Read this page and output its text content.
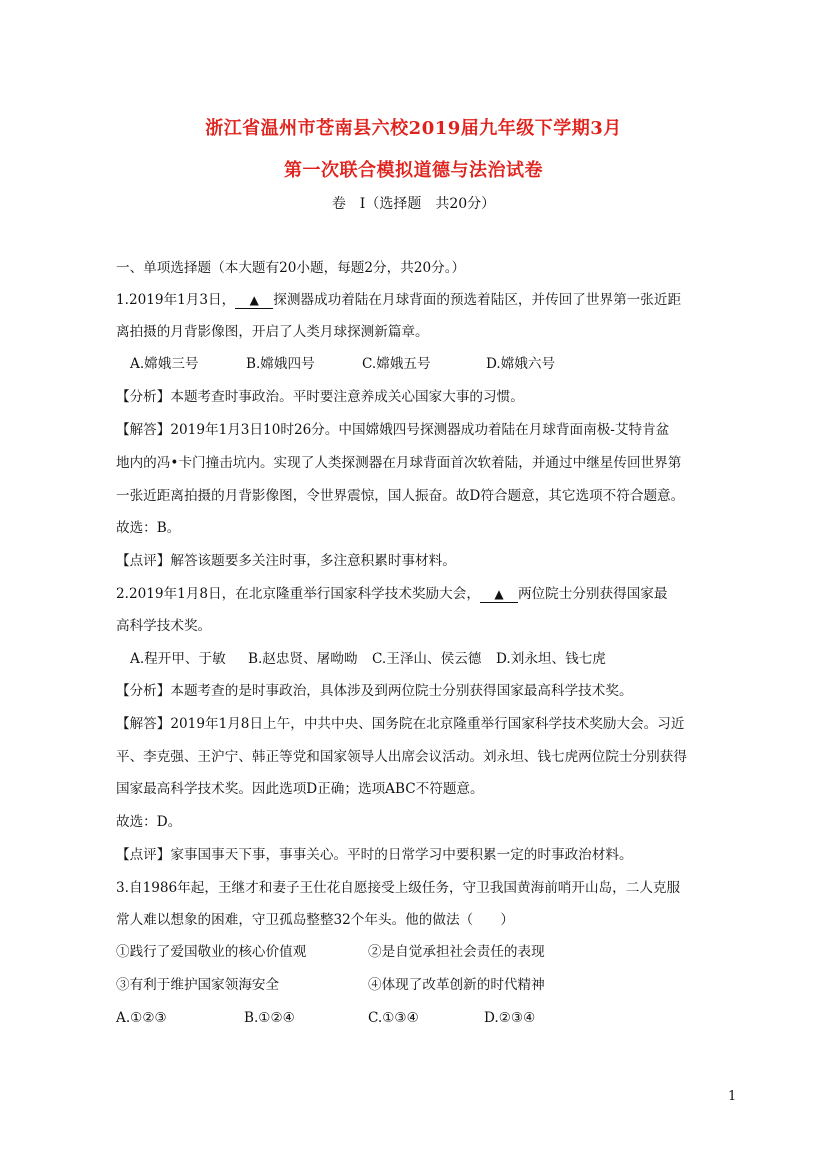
浙江省温州市苍南县六校2019届九年级下学期3月
第一次联合模拟道德与法治试卷
卷　Ⅰ（选择题　共20分）
一、单项选择题（本大题有20小题，每题2分，共20分。）
1.2019年1月3日， ▲ 探测器成功着陆在月球背面的预选着陆区，并传回了世界第一张近距
离拍摄的月背影像图，开启了人类月球探测新篇章。
A.嫦娥三号	B.嫦娥四号	C.嫦娥五号	D.嫦娥六号
【分析】本题考查时事政治。平时要注意养成关心国家大事的习惯。
【解答】2019年1月3日10时26分。中国嫦娥四号探测器成功着陆在月球背面南极-艾特肯盆
地内的冯•卡门撞击坑内。实现了人类探测器在月球背面首次软着陆，并通过中继星传回世界第
一张近距离拍摄的月背影像图，令世界震惊，国人振奋。故D符合题意，其它选项不符合题意。
故选：B。
【点评】解答该题要多关注时事，多注意积累时事材料。
2.2019年1月8日，在北京隆重举行国家科学技术奖励大会， ▲ 两位院士分别获得国家最
高科学技术奖。
A.程开甲、于敏 B.赵忠贤、屠呦呦 C.王泽山、侯云德 D.刘永坦、钱七虎
【分析】本题考查的是时事政治，具体涉及到两位院士分别获得国家最高科学技术奖。
【解答】2019年1月8日上午，中共中央、国务院在北京隆重举行国家科学技术奖励大会。习近
平、李克强、王沪宁、韩正等党和国家领导人出席会议活动。刘永坦、钱七虎两位院士分别获得
国家最高科学技术奖。因此选项D正确；选项ABC不符题意。
故选：D。
【点评】家事国事天下事，事事关心。平时的日常学习中要积累一定的时事政治材料。
3.自1986年起，王继才和妻子王仕花自愿接受上级任务，守卫我国黄海前哨开山岛，二人克服
常人难以想象的困难，守卫孤岛整整32个年头。他的做法（　　）
①践行了爱国敬业的核心价值观	②是自觉承担社会责任的表现
③有利于维护国家领海安全	④体现了改革创新的时代精神
A.①②③	B.①②④	C.①③④	D.②③④
1
